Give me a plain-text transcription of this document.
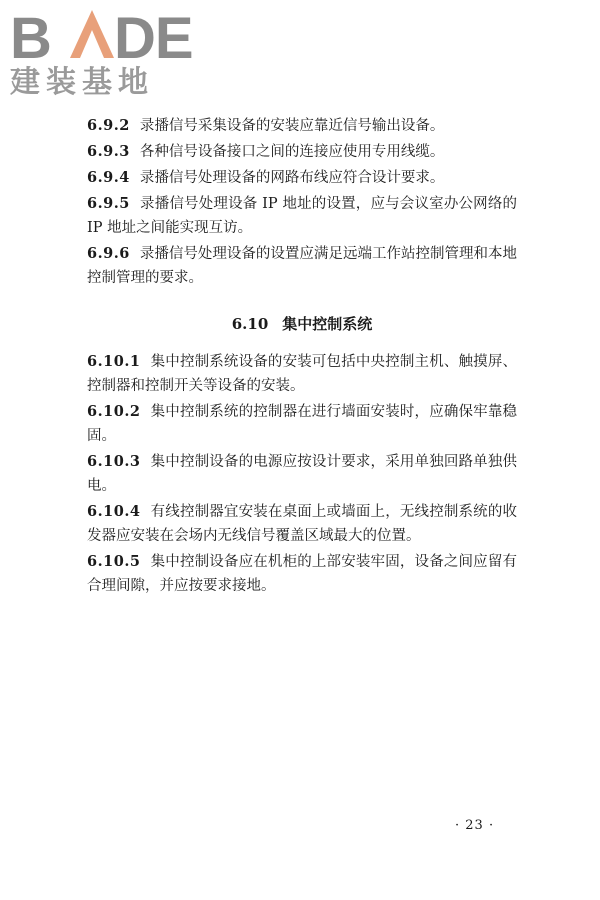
B DE
建装基地

6.9.2 录播信号采集设备的安装应靠近信号输出设备。

6.9.3 各种信号设备接口之间的连接应使用专用线缆。

6.9.4 录播信号处理设备的网路布线应符合设计要求。

6.9.5 录播信号处理设备 IP 地址的设置，应与会议室办公网络的 IP 地址之间能实现互访。

6.9.6 录播信号处理设备的设置应满足远端工作站控制管理和本地控制管理的要求。

6.10 集中控制系统

6.10.1 集中控制系统设备的安装可包括中央控制主机、触摸屏、控制器和控制开关等设备的安装。

6.10.2 集中控制系统的控制器在进行墙面安装时，应确保牢靠稳固。

6.10.3 集中控制设备的电源应按设计要求，采用单独回路单独供电。

6.10.4 有线控制器宜安装在桌面上或墙面上，无线控制系统的收发器应安装在会场内无线信号覆盖区域最大的位置。

6.10.5 集中控制设备应在机柜的上部安装牢固，设备之间应留有合理间隙，并应按要求接地。

· 23 ·
